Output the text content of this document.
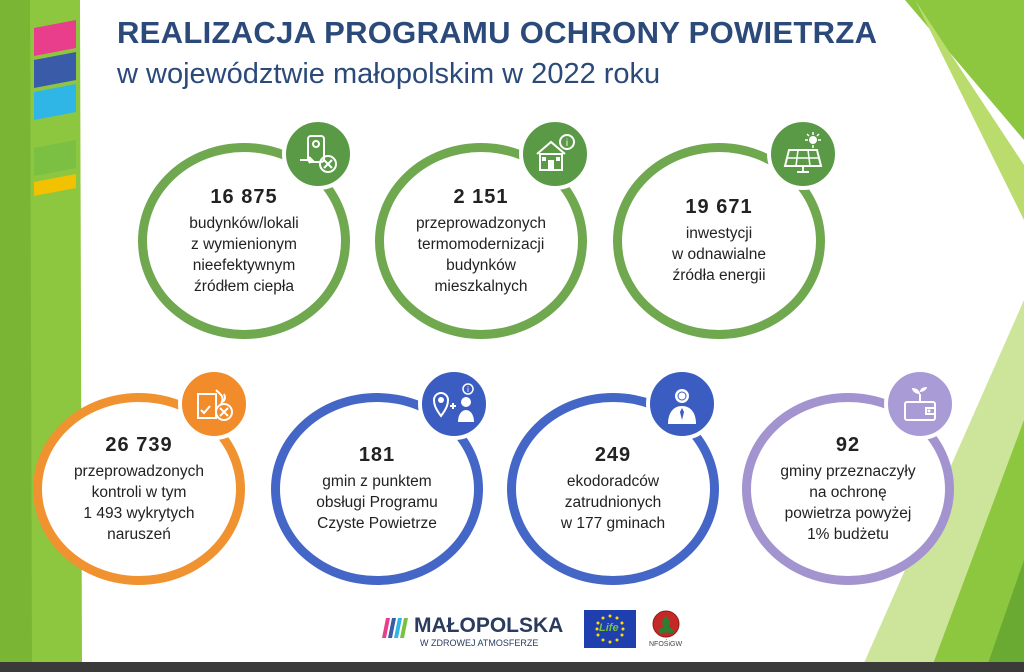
REALIZACJA PROGRAMU OCHRONY POWIETRZA
w województwie małopolskim w 2022 roku
16 875
budynków/lokali
z wymienionym
nieefektywnym
źródłem ciepła
2 151
przeprowadzonych
termomodernizacji
budynków
mieszkalnych
i
19 671
inwestycji
w odnawialne
źródła energii
26 739
przeprowadzonych
kontroli w tym
1 493 wykrytych
naruszeń
181
gmin z punktem
obsługi Programu
Czyste Powietrze
i
249
ekodoradców
zatrudnionych
w 177 gminach
92
gminy przeznaczyły
na ochronę
powietrza powyżej
1% budżetu
MAŁOPOLSKA
W ZDROWEJ ATMOSFERZE
Life
NFOŚiGW
